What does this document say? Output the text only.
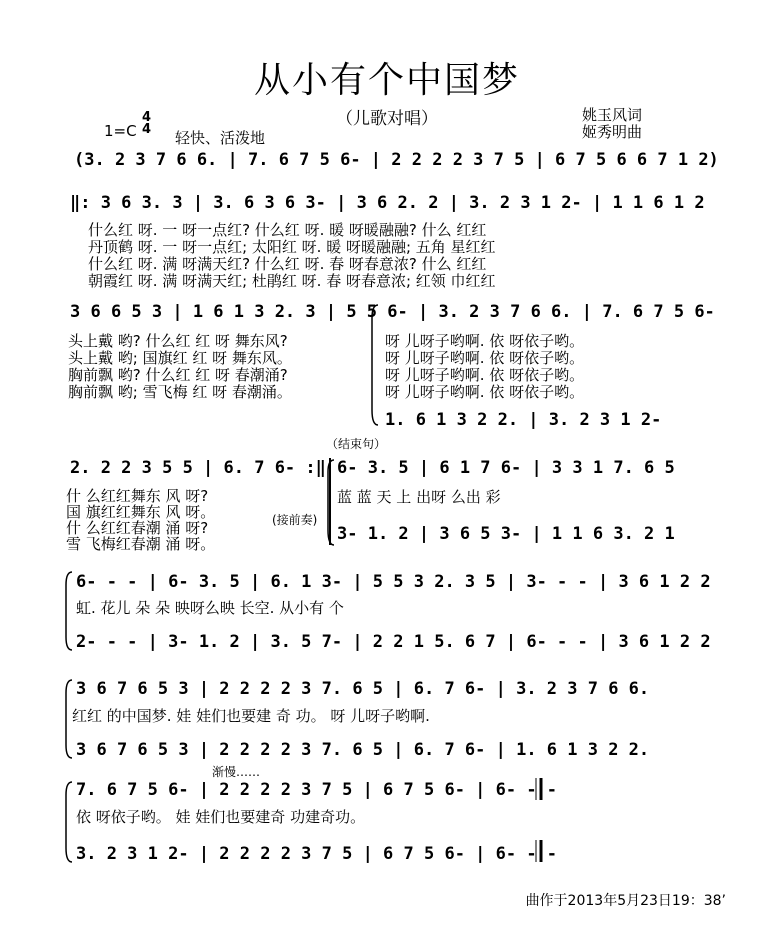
从小有个中国梦
（儿歌对唱）	姚玉风词
姬秀明曲
1=C
4
4 轻快、活泼地
(3. 2 3 7 6 6. | 7. 6 7 5 6- | 2 2 2 2 3 7 5 | 6 7 5 6 6 7 1 2)
‖: 3 6 3. 3 | 3. 6 3 6 3- | 3 6 2. 2 | 3. 2 3 1 2- | 1 1 6 1 2
什么红 呀. 一 呀一点红? 什么红 呀. 暖 呀暖融融? 什么 红红
丹顶鹤 呀. 一 呀一点红; 太阳红 呀. 暖 呀暖融融; 五角 星红红
什么红 呀. 满 呀满天红? 什么红 呀. 春 呀春意浓? 什么 红红
朝霞红 呀. 满 呀满天红; 杜鹃红 呀. 春 呀春意浓; 红领 巾红红
3 6 6 5 3 | 1 6 1 3 2. 3 | 5 5 6- | 3. 2 3 7 6 6. | 7. 6 7 5 6-
头上戴 哟? 什么红 红 呀 舞东风?
头上戴 哟; 国旗红 红 呀 舞东风。
胸前飘 哟? 什么红 红 呀 春潮涌?
胸前飘 哟; 雪飞梅 红 呀 春潮涌。
呀 儿呀子哟啊. 依 呀依子哟。
呀 儿呀子哟啊. 依 呀依子哟。
呀 儿呀子哟啊. 依 呀依子哟。
呀 儿呀子哟啊. 依 呀依子哟。
1. 6 1 3 2 2. | 3. 2 3 1 2-
（结束句）
2. 2 2 3 5 5 | 6. 7 6- :‖
什 么红红舞东 风 呀?
国 旗红红舞东 风 呀。
什 么红红春潮 涌 呀?
雪 飞梅红春潮 涌 呀。
(接前奏)
6- 3. 5 | 6 1 7 6- | 3 3 1 7. 6 5
蓝 蓝 天 上 出呀 么出 彩
3- 1. 2 | 3 6 5 3- | 1 1 6 3. 2 1
6- - - | 6- 3. 5 | 6. 1 3- | 5 5 3 2. 3 5 | 3- - - | 3 6 1 2 2
虹. 花儿 朵 朵 映呀么映 长空. 从小有 个
2- - - | 3- 1. 2 | 3. 5 7- | 2 2 1 5. 6 7 | 6- - - | 3 6 1 2 2
3 6 7 6 5 3 | 2 2 2 2 3 7. 6 5 | 6. 7 6- | 3. 2 3 7 6 6.
红红 的中国梦. 娃 娃们也要建 奇 功。 呀 儿呀子哟啊.
3 6 7 6 5 3 | 2 2 2 2 3 7. 6 5 | 6. 7 6- | 1. 6 1 3 2 2.
渐慢……
7. 6 7 5 6- | 2 2 2 2 3 7 5 | 6 7 5 6- | 6- - -
依 呀依子哟。 娃 娃们也要建奇 功建奇功。
3. 2 3 1 2- | 2 2 2 2 3 7 5 | 6 7 5 6- | 6- - -
曲作于2013年5月23日19：38’
